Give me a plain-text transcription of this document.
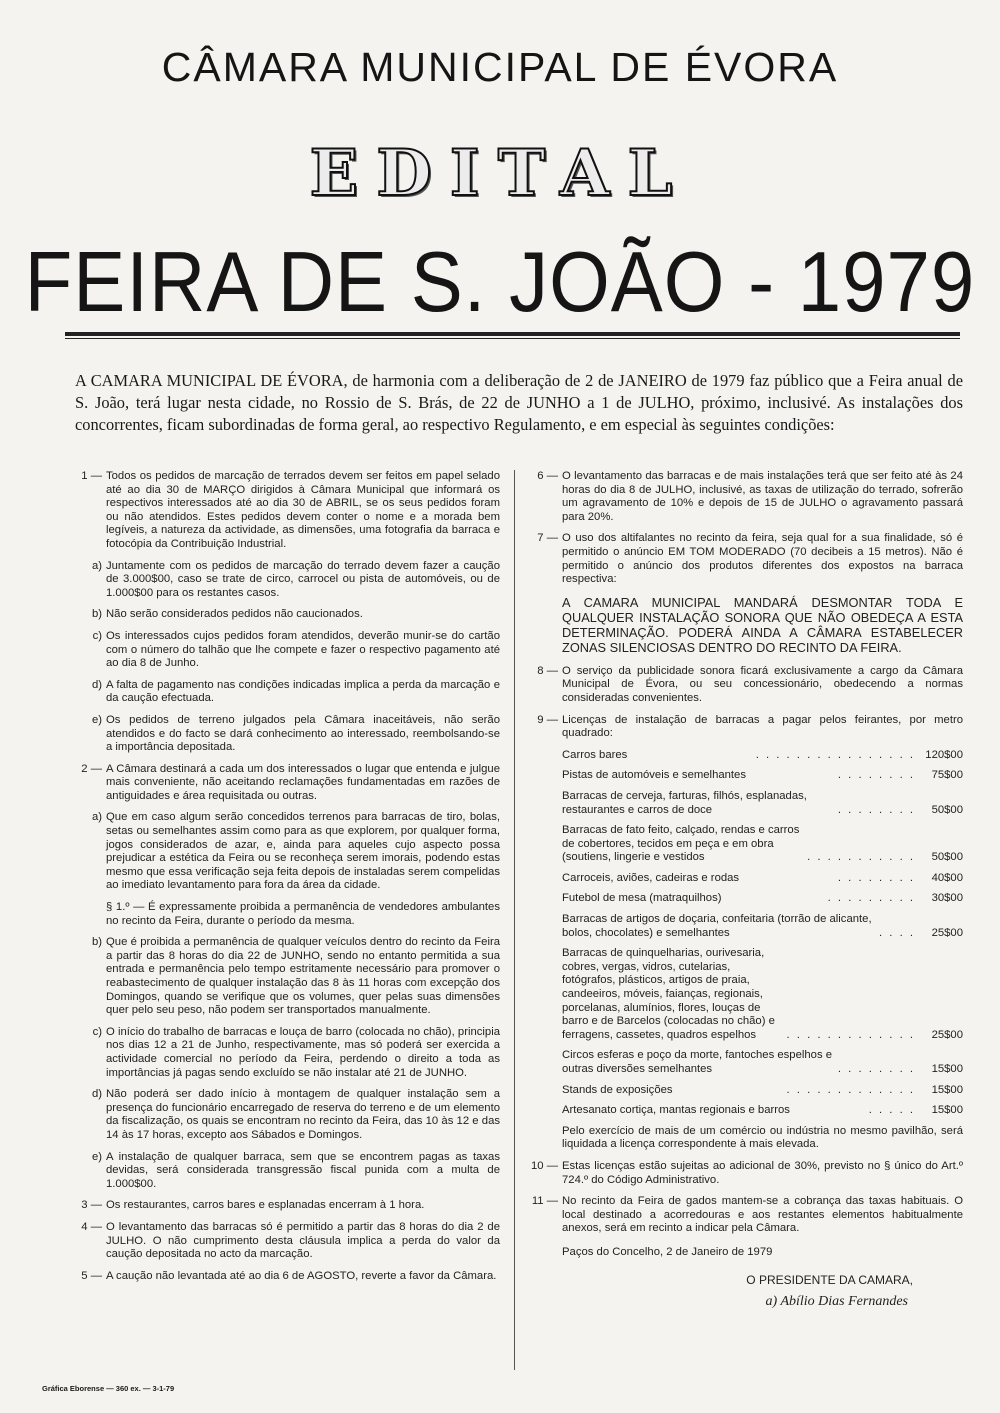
CÂMARA MUNICIPAL DE ÉVORA
EDITAL
FEIRA DE S. JOÃO - 1979
A CAMARA MUNICIPAL DE ÉVORA, de harmonia com a deliberação de 2 de JANEIRO de 1979 faz público que a Feira anual de S. João, terá lugar nesta cidade, no Rossio de S. Brás, de 22 de JUNHO a 1 de JULHO, próximo, inclusivé. As instalações dos concorrentes, ficam subordinadas de forma geral, ao respectivo Regulamento, e em especial às seguintes condições:
1 — Todos os pedidos de marcação de terrados devem ser feitos em papel selado até ao dia 30 de MARÇO dirigidos à Câmara Municipal que informará os respectivos interessados até ao dia 30 de ABRIL, se os seus pedidos foram ou não atendidos. Estes pedidos devem conter o nome e a morada bem legíveis, a natureza da actividade, as dimensões, uma fotografia da barraca e fotocópia da Contribuição Industrial.
a) Juntamente com os pedidos de marcação do terrado devem fazer a caução de 3.000$00, caso se trate de circo, carrocel ou pista de automóveis, ou de 1.000$00 para os restantes casos.
b) Não serão considerados pedidos não caucionados.
c) Os interessados cujos pedidos foram atendidos, deverão munir-se do cartão com o número do talhão que lhe compete e fazer o respectivo pagamento até ao dia 8 de Junho.
d) A falta de pagamento nas condições indicadas implica a perda da marcação e da caução efectuada.
e) Os pedidos de terreno julgados pela Câmara inaceitáveis, não serão atendidos e do facto se dará conhecimento ao interessado, reembolsando-se a importância depositada.
2 — A Câmara destinará a cada um dos interessados o lugar que entenda e julgue mais conveniente, não aceitando reclamações fundamentadas em razões de antiguidades e área requisitada ou outras.
a) Que em caso algum serão concedidos terrenos para barracas de tiro, bolas, setas ou semelhantes assim como para as que explorem, por qualquer forma, jogos considerados de azar, e, ainda para aqueles cujo aspecto possa prejudicar a estética da Feira ou se reconheça serem imorais, podendo estas mesmo que essa verificação seja feita depois de instaladas serem compelidas ao imediato levantamento para fora da área da cidade.
§ 1.º — É expressamente proibida a permanência de vendedores ambulantes no recinto da Feira, durante o período da mesma.
b) Que é proibida a permanência de qualquer veículos dentro do recinto da Feira a partir das 8 horas do dia 22 de JUNHO, sendo no entanto permitida a sua entrada e permanência pelo tempo estritamente necessário para promover o reabastecimento de qualquer instalação das 8 às 11 horas com excepção dos Domingos, quando se verifique que os volumes, quer pelas suas dimensões quer pelo seu peso, não podem ser transportados manualmente.
c) O início do trabalho de barracas e louça de barro (colocada no chão), principia nos dias 12 a 21 de Junho, respectivamente, mas só poderá ser exercida a actividade comercial no período da Feira, perdendo o direito a toda as importâncias já pagas sendo excluído se não instalar até 21 de JUNHO.
d) Não poderá ser dado início à montagem de qualquer instalação sem a presença do funcionário encarregado de reserva do terreno e de um elemento da fiscalização, os quais se encontram no recinto da Feira, das 10 às 12 e das 14 às 17 horas, excepto aos Sábados e Domingos.
e) A instalação de qualquer barraca, sem que se encontrem pagas as taxas devidas, será considerada transgressão fiscal punida com a multa de 1.000$00.
3 — Os restaurantes, carros bares e esplanadas encerram à 1 hora.
4 — O levantamento das barracas só é permitido a partir das 8 horas do dia 2 de JULHO. O não cumprimento desta cláusula implica a perda do valor da caução depositada no acto da marcação.
5 — A caução não levantada até ao dia 6 de AGOSTO, reverte a favor da Câmara.
6 — O levantamento das barracas e de mais instalações terá que ser feito até às 24 horas do dia 8 de JULHO, inclusivé, as taxas de utilização do terrado, sofrerão um agravamento de 10% e depois de 15 de JULHO o agravamento passará para 20%.
7 — O uso dos altifalantes no recinto da feira, seja qual for a sua finalidade, só é permitido o anúncio EM TOM MODERADO (70 decibeis a 15 metros). Não é permitido o anúncio dos produtos diferentes dos expostos na barraca respectiva:
A CAMARA MUNICIPAL MANDARÁ DESMONTAR TODA E QUALQUER INSTALAÇÃO SONORA QUE NÃO OBEDEÇA A ESTA DETERMINAÇÃO. PODERÁ AINDA A CÂMARA ESTABELECER ZONAS SILENCIOSAS DENTRO DO RECINTO DA FEIRA.
8 — O serviço da publicidade sonora ficará exclusivamente a cargo da Câmara Municipal de Évora, ou seu concessionário, obedecendo a normas consideradas convenientes.
9 — Licenças de instalação de barracas a pagar pelos feirantes, por metro quadrado:
Carros bares	. . . . . . . . . . . . . . . . 120$00
Pistas de automóveis e semelhantes	. . . . . . . .	75$00
Barracas de cerveja, farturas, filhós, esplanadas, restaurantes e carros de doce	. . . . . . . .	50$00
Barracas de fato feito, calçado, rendas e carros de cobertores, tecidos em peça e em obra (soutiens, lingerie e vestidos	. . . . . . . . . . .	50$00
Carroceis, aviões, cadeiras e rodas	. . . . . . . .	40$00
Futebol de mesa (matraquilhos)	. . . . . . . . .	30$00
Barracas de artigos de doçaria, confeitaria (torrão de alicante, bolos, chocolates) e semelhantes	. . . .	25$00
Barracas de quinquelharias, ourivesaria, cobres, vergas, vidros, cutelarias, fotógrafos, plásticos, artigos de praia, candeeiros, móveis, faianças, regionais, porcelanas, alumínios, flores, louças de barro e de Barcelos (colocadas no chão) e ferragens, cassetes, quadros espelhos	. . . . . . . . . . . . .	25$00
Circos esferas e poço da morte, fantoches espelhos e outras diversões semelhantes	. . . . . . . .	15$00
Stands de exposições	. . . . . . . . . . . . .	15$00
Artesanato cortiça, mantas regionais e barros	. . . . .	15$00
Pelo exercício de mais de um comércio ou indústria no mesmo pavilhão, será liquidada a licença correspondente à mais elevada.
10 — Estas licenças estão sujeitas ao adicional de 30%, previsto no § único do Art.º 724.º do Código Administrativo.
11 — No recinto da Feira de gados mantem-se a cobrança das taxas habituais. O local destinado a acorredouras e aos restantes elementos habitualmente anexos, será em recinto a indicar pela Câmara.
Paços do Concelho, 2 de Janeiro de 1979
O PRESIDENTE DA CAMARA,
a) Abílio Dias Fernandes
Gráfica Eborense — 360 ex. — 3-1-79
